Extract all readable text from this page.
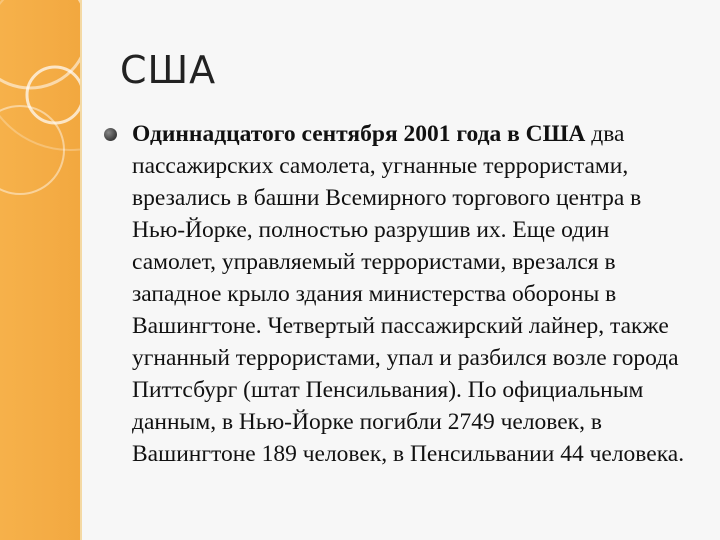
США

Одиннадцатого сентября 2001 года в США два пассажирских самолета, угнанные террористами, врезались в башни Всемирного торгового центра в Нью-Йорке, полностью разрушив их. Еще один самолет, управляемый террористами, врезался в западное крыло здания министерства обороны в Вашингтоне. Четвертый пассажирский лайнер, также угнанный террористами, упал и разбился возле города Питтсбург (штат Пенсильвания). По официальным данным, в Нью-Йорке погибли 2749 человек, в Вашингтоне 189 человек, в Пенсильвании 44 человека.
